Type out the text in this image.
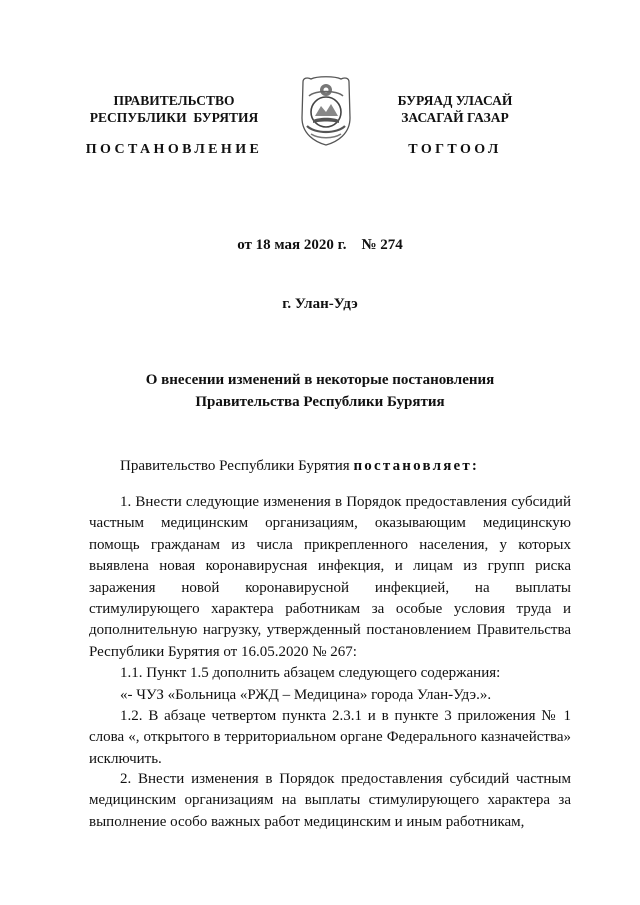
ПРАВИТЕЛЬСТВО
РЕСПУБЛИКИ  БУРЯТИЯ
ПОСТАНОВЛЕНИЕ
БУРЯАД УЛАСАЙ
ЗАСАГАЙ ГАЗАР
ТОГТООЛ
от 18 мая 2020 г.    № 274
г. Улан-Удэ
О внесении изменений в некоторые постановления
Правительства Республики Бурятия

Правительство Республики Бурятия постановляет:

1. Внести следующие изменения в Порядок предоставления субсидий частным медицинским организациям, оказывающим медицинскую помощь гражданам из числа прикрепленного населения, у которых выявлена новая коронавирусная инфекция, и лицам из групп риска заражения новой коронавирусной инфекцией, на выплаты стимулирующего характера работникам за особые условия труда и дополнительную нагрузку, утвержденный постановлением Правительства Республики Бурятия от 16.05.2020 № 267:

1.1. Пункт 1.5 дополнить абзацем следующего содержания:

«- ЧУЗ «Больница «РЖД – Медицина» города Улан-Удэ.».

1.2. В абзаце четвертом пункта 2.3.1 и в пункте 3 приложения № 1 слова «, открытого в территориальном органе Федерального казначейства» исключить.

2. Внести изменения в Порядок предоставления субсидий частным медицинским организациям на выплаты стимулирующего характера за выполнение особо важных работ медицинским и иным работникам,
